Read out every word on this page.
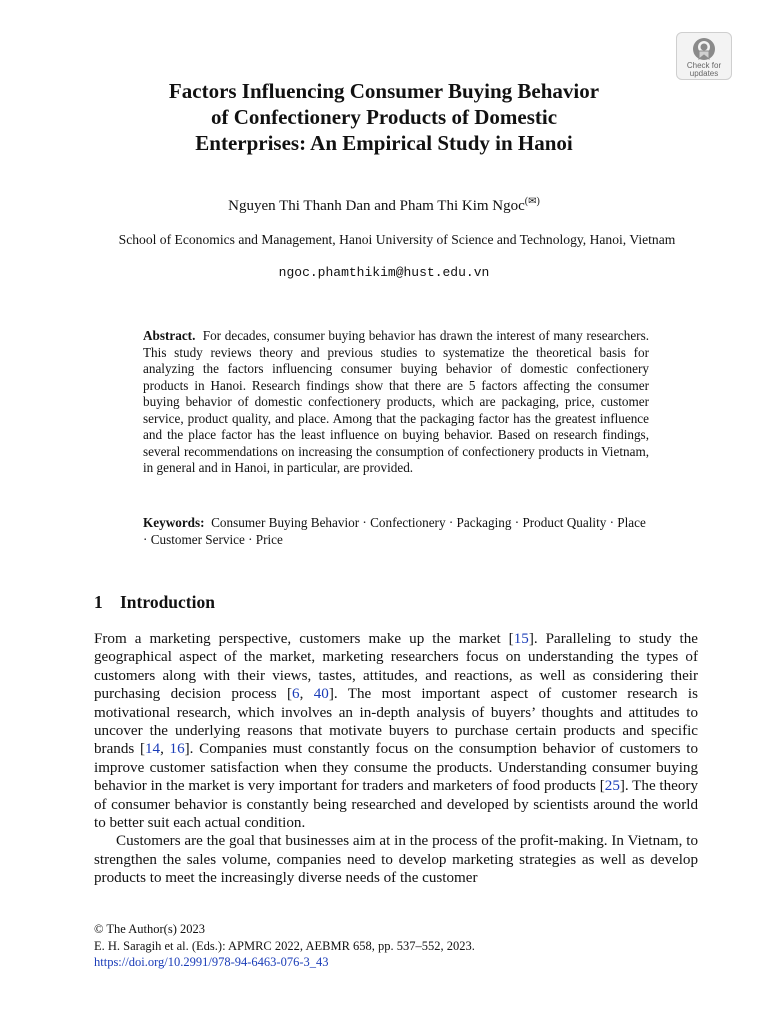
Check for updates
Factors Influencing Consumer Buying Behavior
of Confectionery Products of Domestic
Enterprises: An Empirical Study in Hanoi
Nguyen Thi Thanh Dan and Pham Thi Kim Ngoc(✉)
School of Economics and Management, Hanoi University of Science and Technology, Hanoi, Vietnam
ngoc.phamthikim@hust.edu.vn

Abstract. For decades, consumer buying behavior has drawn the interest of many researchers. This study reviews theory and previous studies to systematize the theoretical basis for analyzing the factors influencing consumer buying behavior of domestic confectionery products in Hanoi. Research findings show that there are 5 factors affecting the consumer buying behavior of domestic confectionery products, which are packaging, price, customer service, product quality, and place. Among that the packaging factor has the greatest influence and the place factor has the least influence on buying behavior. Based on research findings, several recommendations on increasing the consumption of confectionery products in Vietnam, in general and in Hanoi, in particular, are provided.

Keywords: Consumer Buying Behavior · Confectionery · Packaging · Product Quality · Place · Customer Service · Price

1 Introduction

From a marketing perspective, customers make up the market [15]. Paralleling to study the geographical aspect of the market, marketing researchers focus on understanding the types of customers along with their views, tastes, attitudes, and reactions, as well as considering their purchasing decision process [6, 40]. The most important aspect of customer research is motivational research, which involves an in-depth analysis of buyers’ thoughts and attitudes to uncover the underlying reasons that motivate buyers to purchase certain products and specific brands [14, 16]. Companies must constantly focus on the consumption behavior of customers to improve customer satisfaction when they consume the products. Understanding consumer buying behavior in the market is very important for traders and marketers of food products [25]. The theory of consumer behavior is constantly being researched and developed by scientists around the world to better suit each actual condition.

Customers are the goal that businesses aim at in the process of the profit-making. In Vietnam, to strengthen the sales volume, companies need to develop marketing strategies as well as develop products to meet the increasingly diverse needs of the customer

© The Author(s) 2023
E. H. Saragih et al. (Eds.): APMRC 2022, AEBMR 658, pp. 537–552, 2023.
https://doi.org/10.2991/978-94-6463-076-3_43
